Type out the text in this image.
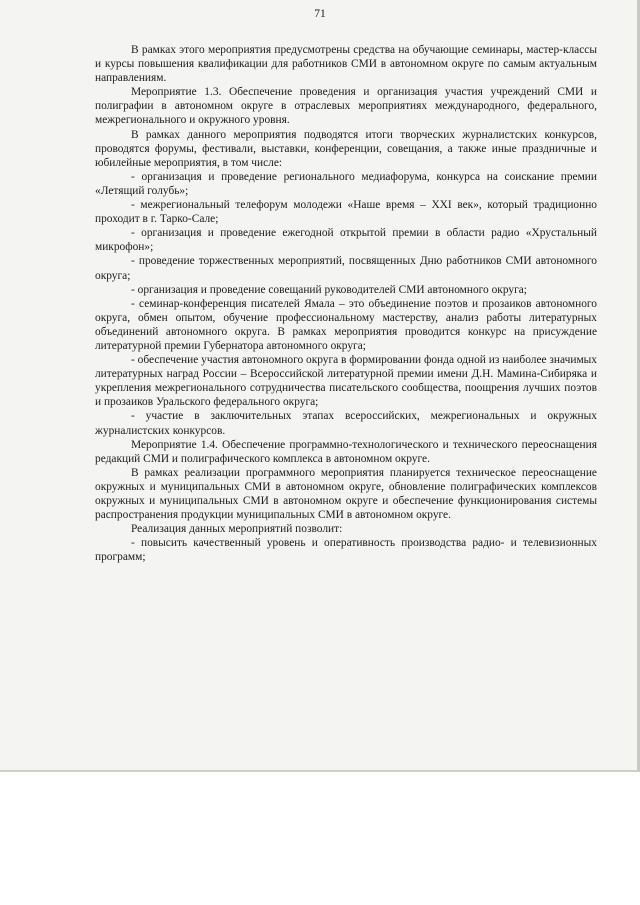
71

В рамках этого мероприятия предусмотрены средства на обучающие семинары, мастер-классы и курсы повышения квалификации для работников СМИ в автономном округе по самым актуальным направлениям.

Мероприятие 1.3. Обеспечение проведения и организация участия учреждений СМИ и полиграфии в автономном округе в отраслевых мероприятиях международного, федерального, межрегионального и окружного уровня.

В рамках данного мероприятия подводятся итоги творческих журналистских конкурсов, проводятся форумы, фестивали, выставки, конференции, совещания, а также иные праздничные и юбилейные мероприятия, в том числе:

- организация и проведение регионального медиафорума, конкурса на соискание премии «Летящий голубь»;

- межрегиональный телефорум молодежи «Наше время – XXI век», который традиционно проходит в г. Тарко-Сале;

- организация и проведение ежегодной открытой премии в области радио «Хрустальный микрофон»;

- проведение торжественных мероприятий, посвященных Дню работников СМИ автономного округа;

- организация и проведение совещаний руководителей СМИ автономного округа;

- семинар-конференция писателей Ямала – это объединение поэтов и прозаиков автономного округа, обмен опытом, обучение профессиональному мастерству, анализ работы литературных объединений автономного округа. В рамках мероприятия проводится конкурс на присуждение литературной премии Губернатора автономного округа;

- обеспечение участия автономного округа в формировании фонда одной из наиболее значимых литературных наград России – Всероссийской литературной премии имени Д.Н. Мамина-Сибиряка и укрепления межрегионального сотрудничества писательского сообщества, поощрения лучших поэтов и прозаиков Уральского федерального округа;

- участие в заключительных этапах всероссийских, межрегиональных и окружных журналистских конкурсов.

Мероприятие 1.4. Обеспечение программно-технологического и технического переоснащения редакций СМИ и полиграфического комплекса в автономном округе.

В рамках реализации программного мероприятия планируется техническое переоснащение окружных и муниципальных СМИ в автономном округе, обновление полиграфических комплексов окружных и муниципальных СМИ в автономном округе и обеспечение функционирования системы распространения продукции муниципальных СМИ в автономном округе.

Реализация данных мероприятий позволит:

- повысить качественный уровень и оперативность производства радио- и телевизионных программ;
